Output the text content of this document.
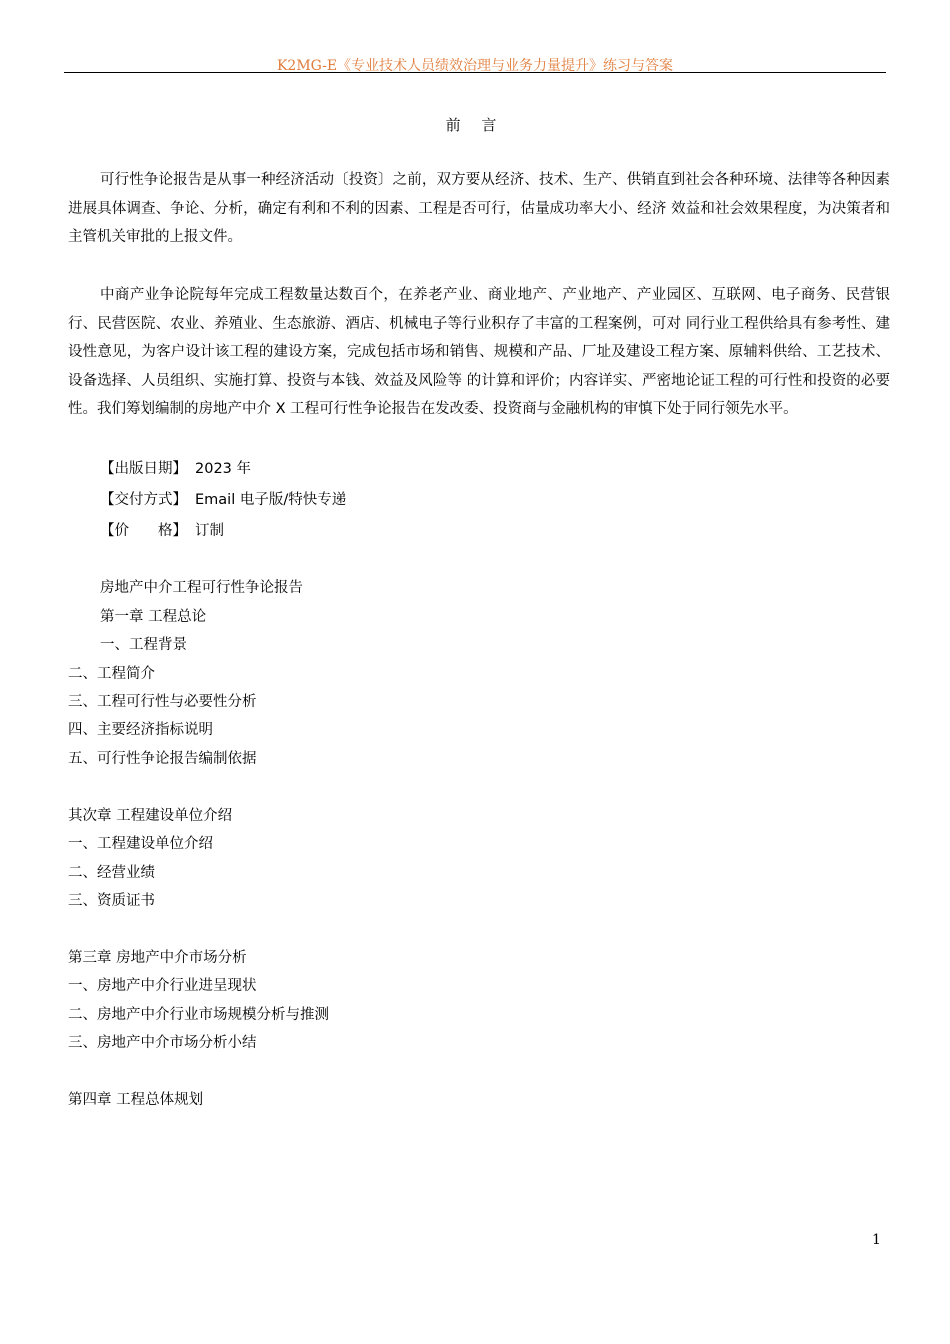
K2MG-E《专业技术人员绩效治理与业务力量提升》练习与答案
前 言

可行性争论报告是从事一种经济活动〔投资〕之前，双方要从经济、技术、生产、供销直到社会各种环境、法律等各种因素进展具体调查、争论、分析，确定有利和不利的因素、工程是否可行，估量成功率大小、经济 效益和社会效果程度，为决策者和主管机关审批的上报文件。

中商产业争论院每年完成工程数量达数百个，在养老产业、商业地产、产业地产、产业园区、互联网、电子商务、民营银行、民营医院、农业、养殖业、生态旅游、酒店、机械电子等行业积存了丰富的工程案例，可对 同行业工程供给具有参考性、建设性意见，为客户设计该工程的建设方案，完成包括市场和销售、规模和产品、厂址及建设工程方案、原辅料供给、工艺技术、设备选择、人员组织、实施打算、投资与本钱、效益及风险等 的计算和评价；内容详实、严密地论证工程的可行性和投资的必要性。我们筹划编制的房地产中介 X 工程可行性争论报告在发改委、投资商与金融机构的审慎下处于同行领先水平。

【出版日期】 2023 年
【交付方式】 Email 电子版/特快专递
【价　　格】 订制
房地产中介工程可行性争论报告
第一章 工程总论
一、工程背景
二、工程简介
三、工程可行性与必要性分析
四、主要经济指标说明
五、可行性争论报告编制依据
其次章 工程建设单位介绍
一、工程建设单位介绍
二、经营业绩
三、资质证书
第三章 房地产中介市场分析
一、房地产中介行业进呈现状
二、房地产中介行业市场规模分析与推测
三、房地产中介市场分析小结
第四章 工程总体规划
1
